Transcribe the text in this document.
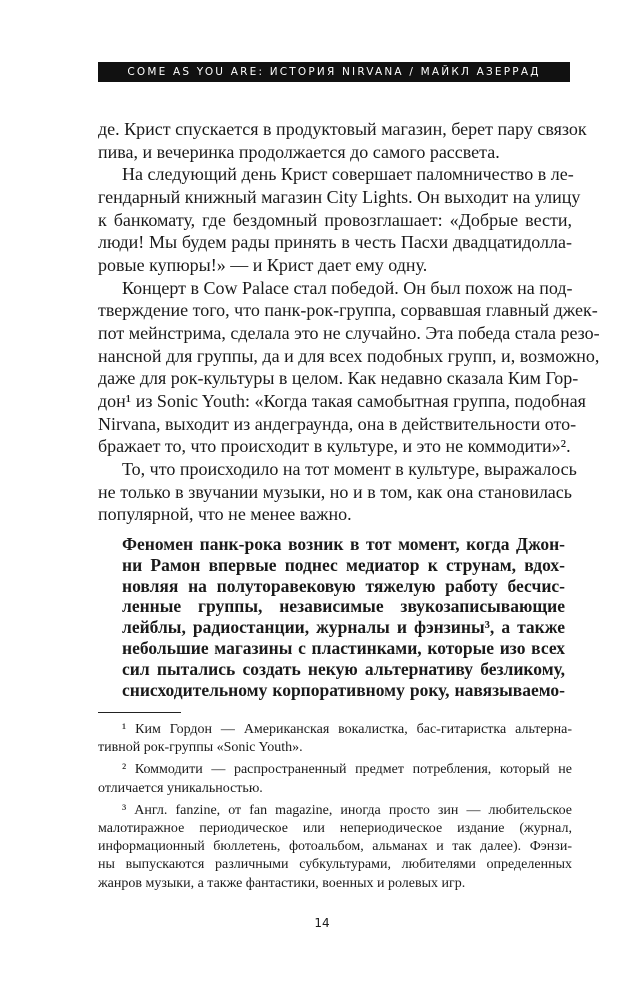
COME AS YOU ARE: ИСТОРИЯ NIRVANA / МАЙКЛ АЗЕРРАД
де. Крист спускается в продуктовый магазин, берет пару связок
пива, и вечеринка продолжается до самого рассвета.
На следующий день Крист совершает паломничество в ле-
гендарный книжный магазин City Lights. Он выходит на улицу
к банкомату, где бездомный провозглашает: «Добрые вести,
люди! Мы будем рады принять в честь Пасхи двадцатидолла-
ровые купюры!» — и Крист дает ему одну.
Концерт в Cow Palace стал победой. Он был похож на под-
тверждение того, что панк-рок-группа, сорвавшая главный джек-
пот мейнстрима, сделала это не случайно. Эта победа стала резо-
нансной для группы, да и для всех подобных групп, и, возможно,
даже для рок-культуры в целом. Как недавно сказала Ким Гор-
дон¹ из Sonic Youth: «Когда такая самобытная группа, подобная
Nirvana, выходит из андеграунда, она в действительности ото-
бражает то, что происходит в культуре, и это не коммодити»².
То, что происходило на тот момент в культуре, выражалось
не только в звучании музыки, но и в том, как она становилась
популярной, что не менее важно.
Феномен панк-рока возник в тот момент, когда Джон-
ни Рамон впервые поднес медиатор к струнам, вдох-
новляя на полуторавековую тяжелую работу бесчис-
ленные группы, независимые звукозаписывающие
лейблы, радиостанции, журналы и фэнзины³, а также
небольшие магазины с пластинками, которые изо всех
сил пытались создать некую альтернативу безликому,
снисходительному корпоративному року, навязываемо-
¹ Ким Гордон — Американская вокалистка, бас-гитаристка альтерна-
тивной рок-группы «Sonic Youth».
² Коммодити — распространенный предмет потребления, который не
отличается уникальностью.
³ Англ. fanzine, от fan magazine, иногда просто зин — любительское
малотиражное периодическое или непериодическое издание (журнал,
информационный бюллетень, фотоальбом, альманах и так далее). Фэнзи-
ны выпускаются различными субкультурами, любителями определенных
жанров музыки, а также фантастики, военных и ролевых игр.
14
